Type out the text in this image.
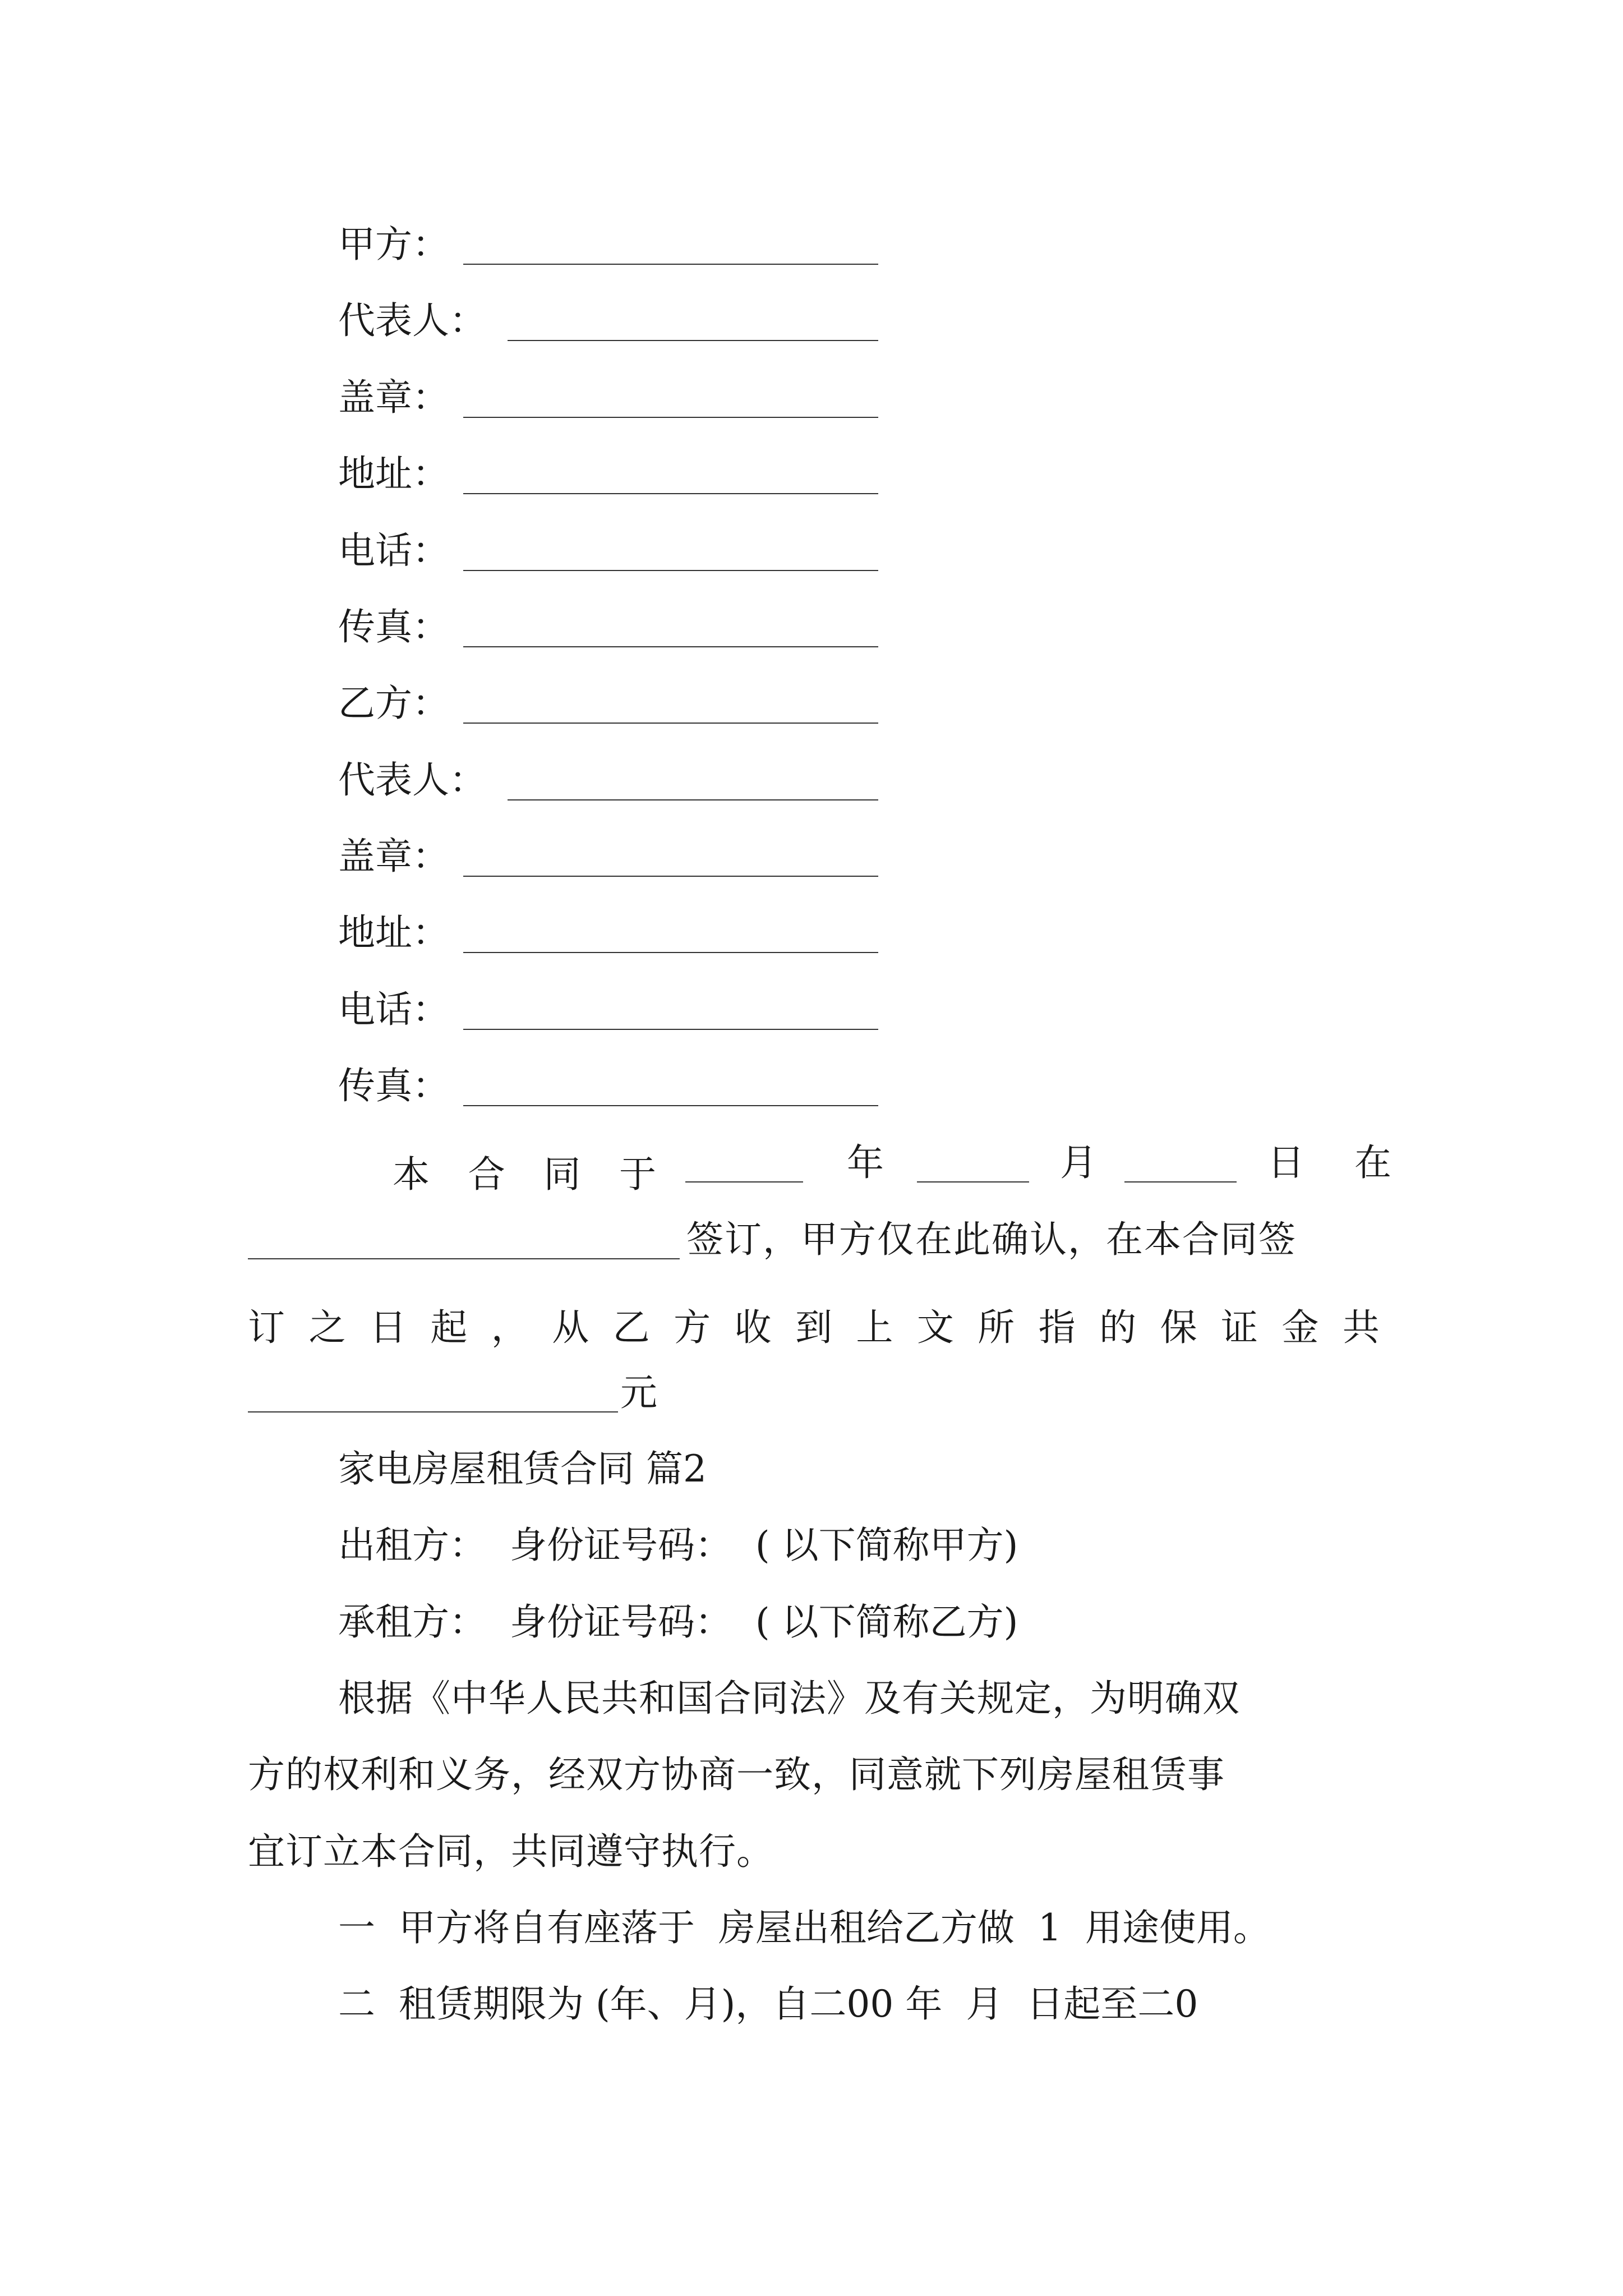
甲方：
代表人：
盖章：
地址：
电话：
传真：
乙方：
代表人：
盖章：
地址：
电话：
传真：
本 合 同 于	年	月	日 在
签订，甲方仅在此确认，在本合同签
订 之 日 起 ， 从 乙 方 收 到 上 文 所 指 的 保 证 金 共
元
家电房屋租赁合同 篇2
出租方：  身份证号码：  ( 以下简称甲方)
承租方：  身份证号码：  ( 以下简称乙方)
根据《中华人民共和国合同法》及有关规定，为明确双
方的权利和义务，经双方协商一致，同意就下列房屋租赁事
宜订立本合同，共同遵守执行。
一  甲方将自有座落于  房屋出租给乙方做  1  用途使用。
二  租赁期限为 (年、月)，自二00 年  月  日起至二0
